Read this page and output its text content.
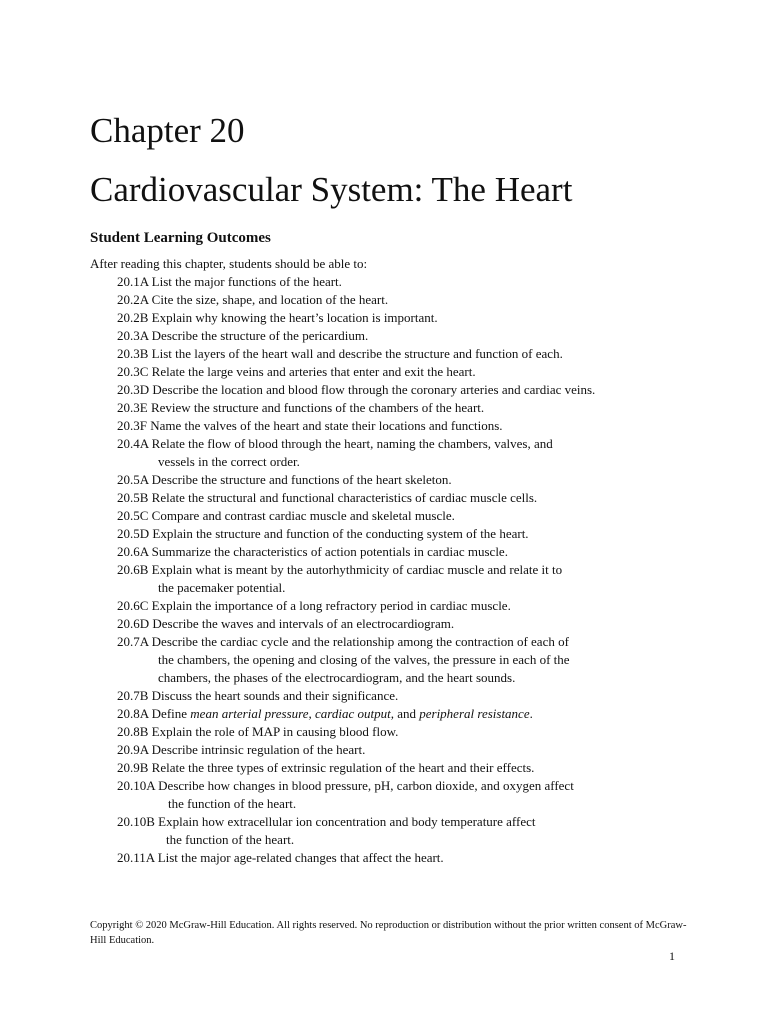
Chapter 20
Cardiovascular System: The Heart
Student Learning Outcomes
After reading this chapter, students should be able to:
20.1A List the major functions of the heart.
20.2A Cite the size, shape, and location of the heart.
20.2B Explain why knowing the heart’s location is important.
20.3A Describe the structure of the pericardium.
20.3B List the layers of the heart wall and describe the structure and function of each.
20.3C Relate the large veins and arteries that enter and exit the heart.
20.3D Describe the location and blood flow through the coronary arteries and cardiac veins.
20.3E Review the structure and functions of the chambers of the heart.
20.3F Name the valves of the heart and state their locations and functions.
20.4A Relate the flow of blood through the heart, naming the chambers, valves, and
vessels in the correct order.
20.5A Describe the structure and functions of the heart skeleton.
20.5B Relate the structural and functional characteristics of cardiac muscle cells.
20.5C Compare and contrast cardiac muscle and skeletal muscle.
20.5D Explain the structure and function of the conducting system of the heart.
20.6A Summarize the characteristics of action potentials in cardiac muscle.
20.6B Explain what is meant by the autorhythmicity of cardiac muscle and relate it to
the pacemaker potential.
20.6C Explain the importance of a long refractory period in cardiac muscle.
20.6D Describe the waves and intervals of an electrocardiogram.
20.7A Describe the cardiac cycle and the relationship among the contraction of each of
the chambers, the opening and closing of the valves, the pressure in each of the
chambers, the phases of the electrocardiogram, and the heart sounds.
20.7B Discuss the heart sounds and their significance.
20.8A Define mean arterial pressure, cardiac output, and peripheral resistance.
20.8B Explain the role of MAP in causing blood flow.
20.9A Describe intrinsic regulation of the heart.
20.9B Relate the three types of extrinsic regulation of the heart and their effects.
20.10A Describe how changes in blood pressure, pH, carbon dioxide, and oxygen affect
the function of the heart.
20.10B Explain how extracellular ion concentration and body temperature affect
the function of the heart.
20.11A List the major age-related changes that affect the heart.
Copyright © 2020 McGraw-Hill Education. All rights reserved. No reproduction or distribution without the prior written consent of McGraw-Hill Education.
1
